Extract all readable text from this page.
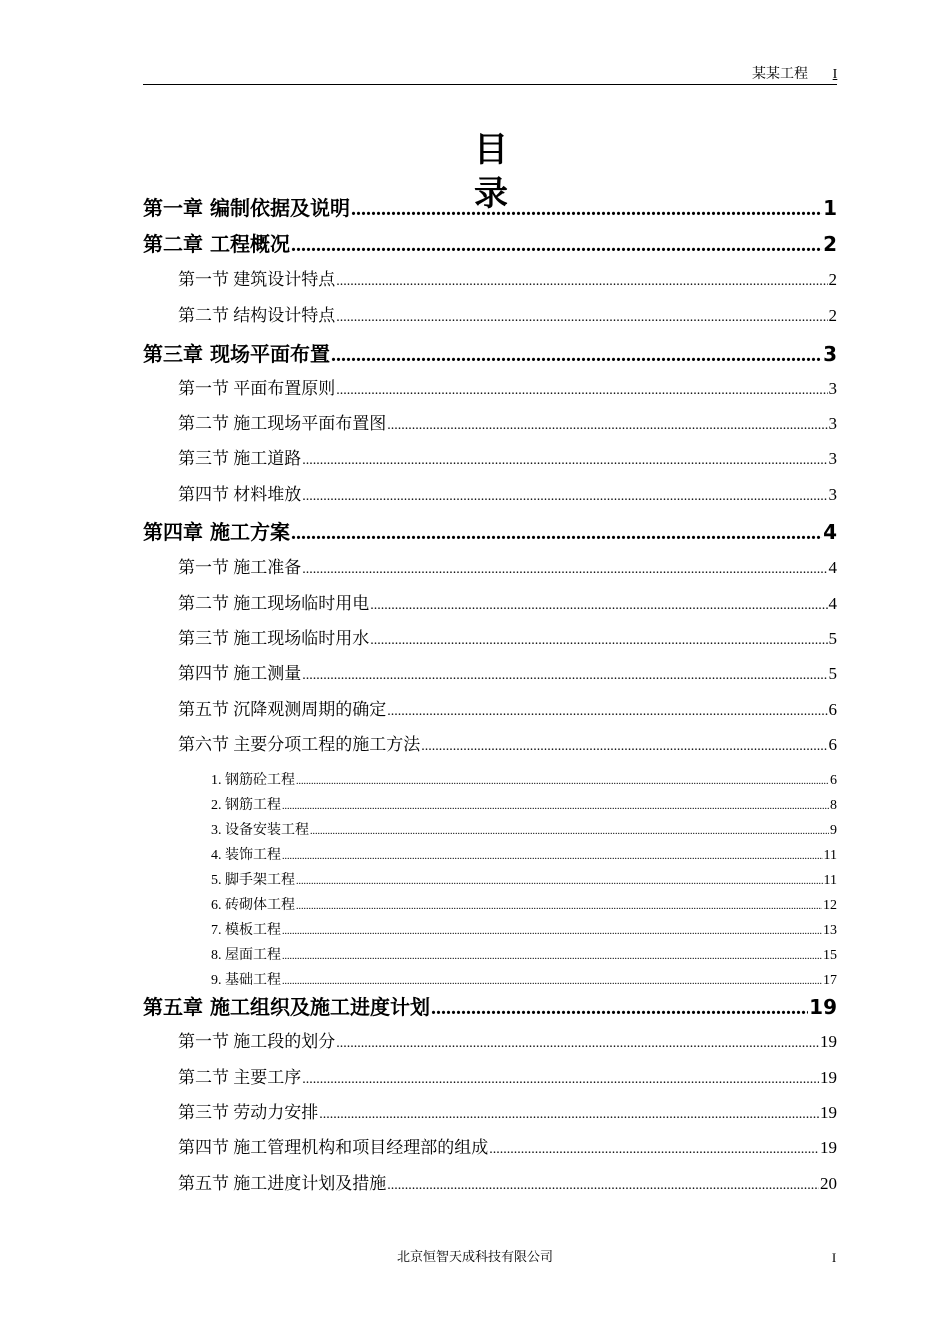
某某工程 I
目录
第一章 编制依据及说明 .....	1
第二章 工程概况 .....	2
第一节 建筑设计特点 .....	2
第二节 结构设计特点 .....	2
第三章 现场平面布置 .....	3
第一节 平面布置原则 .....	3
第二节 施工现场平面布置图 .....	3
第三节 施工道路 .....	3
第四节 材料堆放 .....	3
第四章 施工方案 .....	4
第一节 施工准备 .....	4
第二节 施工现场临时用电 .....	4
第三节 施工现场临时用水 .....	5
第四节 施工测量 .....	5
第五节 沉降观测周期的确定 .....	6
第六节 主要分项工程的施工方法 .....	6
1. 钢筋砼工程 .....	6
2. 钢筋工程 .....	8
3. 设备安装工程 .....	9
4. 装饰工程 .....	11
5. 脚手架工程 .....	11
6. 砖砌体工程 .....	12
7. 模板工程 .....	13
8. 屋面工程 .....	15
9. 基础工程 .....	17
第五章 施工组织及施工进度计划 .....	19
第一节 施工段的划分 .....	19
第二节 主要工序 .....	19
第三节 劳动力安排 .....	19
第四节 施工管理机构和项目经理部的组成 .....	19
第五节 施工进度计划及措施 .....	20
北京恒智天成科技有限公司	I
